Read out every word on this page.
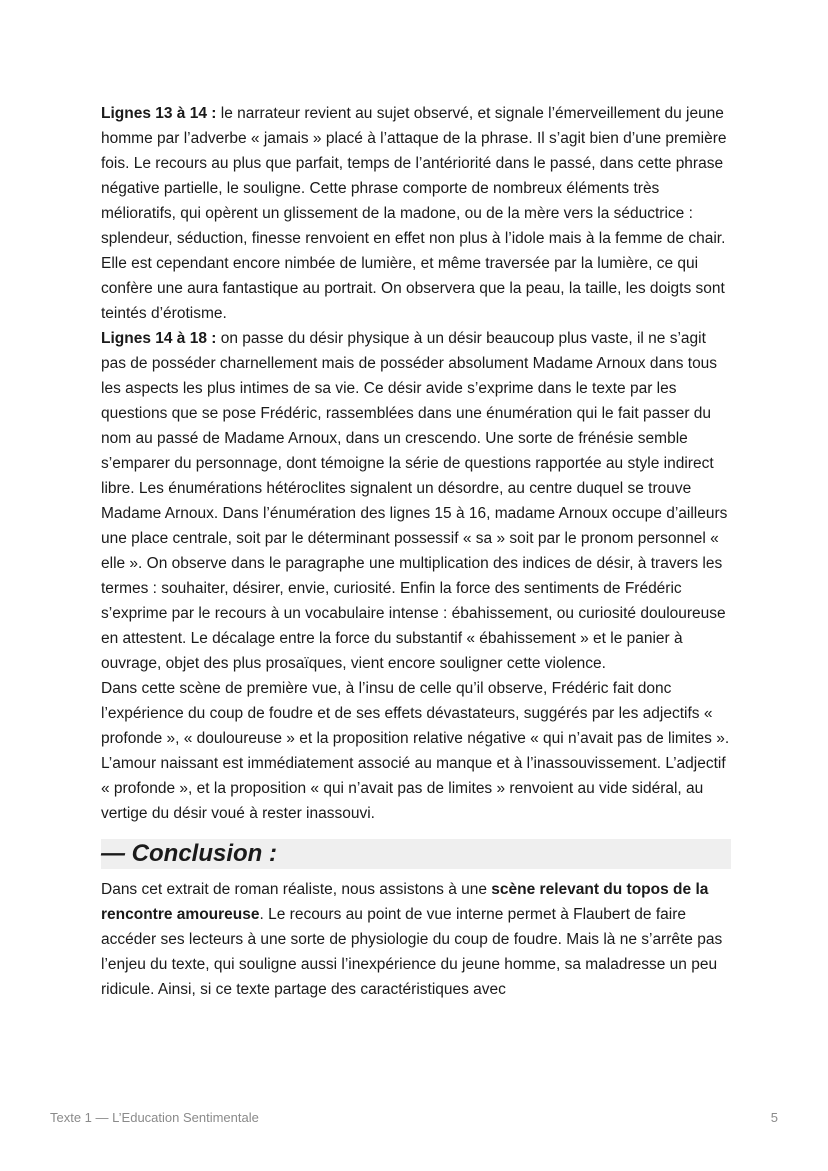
Lignes 13 à 14 : le narrateur revient au sujet observé, et signale l’émerveillement du jeune homme par l’adverbe « jamais » placé à l’attaque de la phrase. Il s’agit bien d’une première fois. Le recours au plus que parfait, temps de l’antériorité dans le passé, dans cette phrase négative partielle, le souligne. Cette phrase comporte de nombreux éléments très mélioratifs, qui opèrent un glissement de la madone, ou de la mère vers la séductrice : splendeur, séduction, finesse renvoient en effet non plus à l’idole mais à la femme de chair. Elle est cependant encore nimbée de lumière, et même traversée par la lumière, ce qui confère une aura fantastique au portrait. On observera que la peau, la taille, les doigts sont teintés d’érotisme.

Lignes 14 à 18 : on passe du désir physique à un désir beaucoup plus vaste, il ne s’agit pas de posséder charnellement mais de posséder absolument Madame Arnoux dans tous les aspects les plus intimes de sa vie. Ce désir avide s’exprime dans le texte par les questions que se pose Frédéric, rassemblées dans une énumération qui le fait passer du nom au passé de Madame Arnoux, dans un crescendo. Une sorte de frénésie semble s’emparer du personnage, dont témoigne la série de questions rapportée au style indirect libre. Les énumérations hétéroclites signalent un désordre, au centre duquel se trouve Madame Arnoux. Dans l’énumération des lignes 15 à 16, madame Arnoux occupe d’ailleurs une place centrale, soit par le déterminant possessif « sa » soit par le pronom personnel « elle ». On observe dans le paragraphe une multiplication des indices de désir, à travers les termes : souhaiter, désirer, envie, curiosité. Enfin la force des sentiments de Frédéric s’exprime par le recours à un vocabulaire intense : ébahissement, ou curiosité douloureuse en attestent. Le décalage entre la force du substantif « ébahissement » et le panier à ouvrage, objet des plus prosaïques, vient encore souligner cette violence.

Dans cette scène de première vue, à l’insu de celle qu’il observe, Frédéric fait donc l’expérience du coup de foudre et de ses effets dévastateurs, suggérés par les adjectifs « profonde », « douloureuse » et la proposition relative négative « qui n’avait pas de limites ». L’amour naissant est immédiatement associé au manque et à l’inassouvissement. L’adjectif « profonde », et la proposition « qui n’avait pas de limites » renvoient au vide sidéral, au vertige du désir voué à rester inassouvi.

— Conclusion :

Dans cet extrait de roman réaliste, nous assistons à une scène relevant du topos de la rencontre amoureuse. Le recours au point de vue interne permet à Flaubert de faire accéder ses lecteurs à une sorte de physiologie du coup de foudre. Mais là ne s’arrête pas l’enjeu du texte, qui souligne aussi l’inexpérience du jeune homme, sa maladresse un peu ridicule. Ainsi, si ce texte partage des caractéristiques avec

Texte 1 — L’Education Sentimentale	5
